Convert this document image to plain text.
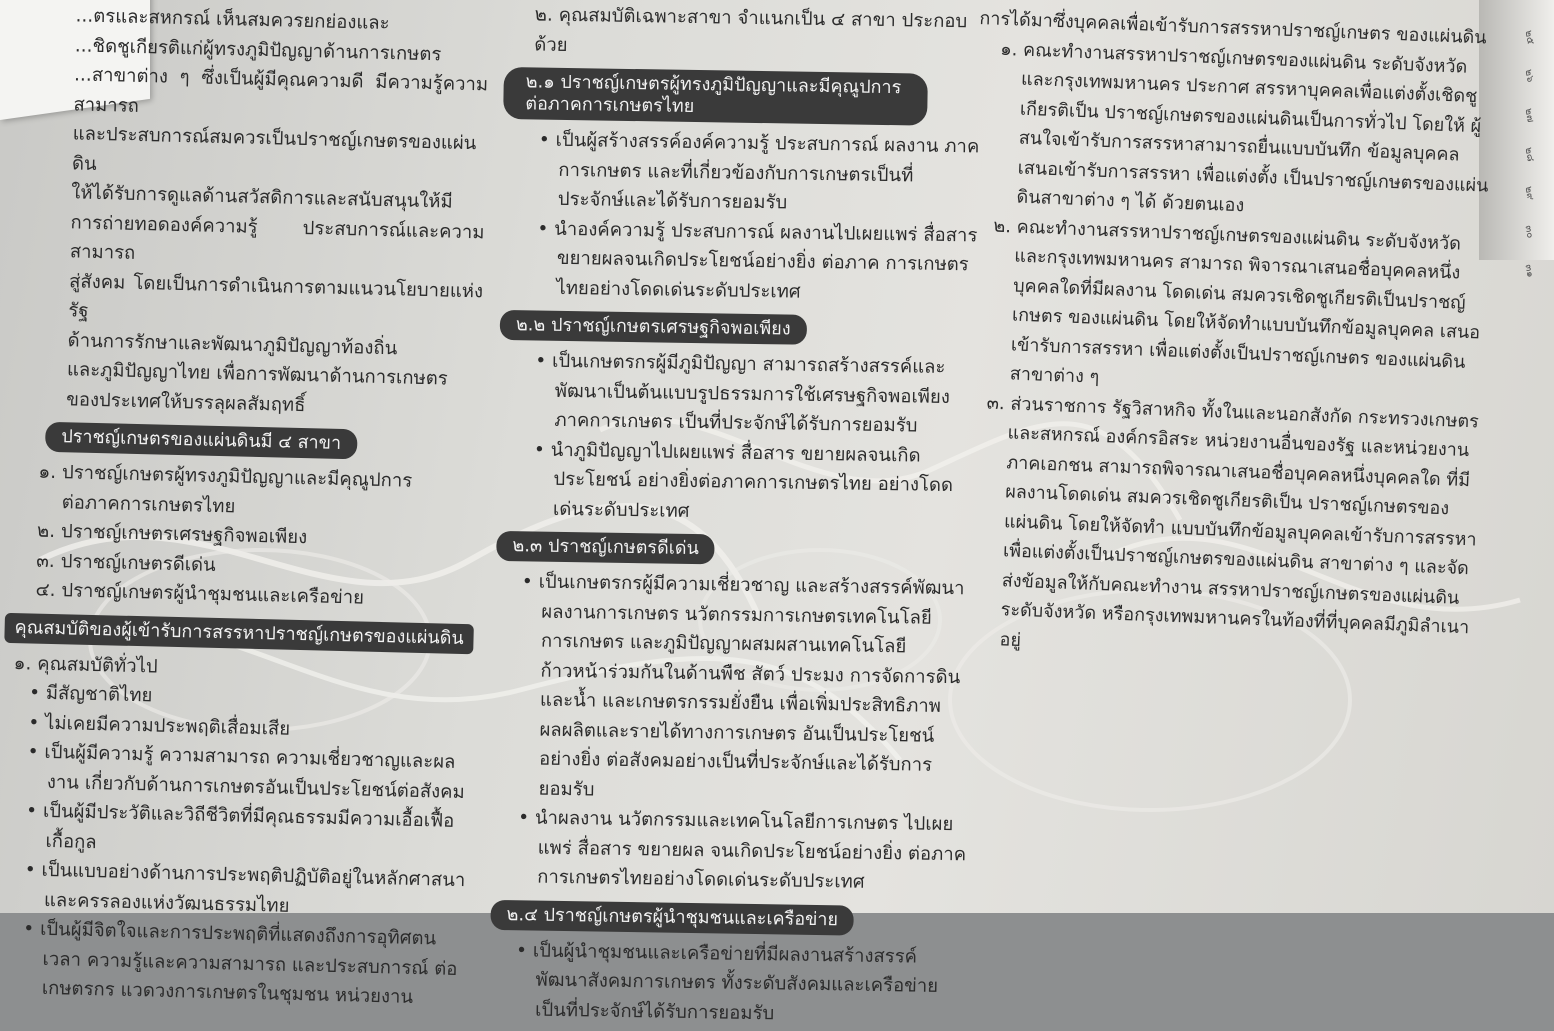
๒๕
๒๖
๒๗
๒๘
๒๙
๓๐
๓๑

...ตรและสหกรณ์ เห็นสมควรยกย่องและ

...ชิดชูเกียรติแก่ผู้ทรงภูมิปัญญาด้านการเกษตร

...สาขาต่าง ๆ ซึ่งเป็นผู้มีคุณความดี มีความรู้ความสามารถ

และประสบการณ์สมควรเป็นปราชญ์เกษตรของแผ่นดิน

ให้ได้รับการดูแลด้านสวัสดิการและสนับสนุนให้มี

การถ่ายทอดองค์ความรู้ ประสบการณ์และความสามารถ

สู่สังคม โดยเป็นการดำเนินการตามแนวนโยบายแห่งรัฐ

ด้านการรักษาและพัฒนาภูมิปัญญาท้องถิ่น

และภูมิปัญญาไทย เพื่อการพัฒนาด้านการเกษตร

ของประเทศให้บรรลุผลสัมฤทธิ์

ปราชญ์เกษตรของแผ่นดินมี ๔ สาขา

๑. ปราชญ์เกษตรผู้ทรงภูมิปัญญาและมีคุณูปการ

ต่อภาคการเกษตรไทย

๒. ปราชญ์เกษตรเศรษฐกิจพอเพียง

๓. ปราชญ์เกษตรดีเด่น

๔. ปราชญ์เกษตรผู้นำชุมชนและเครือข่าย

คุณสมบัติของผู้เข้ารับการสรรหาปราชญ์เกษตรของแผ่นดิน

๑. คุณสมบัติทั่วไป

• มีสัญชาติไทย

• ไม่เคยมีความประพฤติเสื่อมเสีย

• เป็นผู้มีความรู้ ความสามารถ ความเชี่ยวชาญและผลงาน เกี่ยวกับด้านการเกษตรอันเป็นประโยชน์ต่อสังคม

• เป็นผู้มีประวัติและวิถีชีวิตที่มีคุณธรรมมีความเอื้อเฟื้อ เกื้อกูล

• เป็นแบบอย่างด้านการประพฤติปฏิบัติอยู่ในหลักศาสนา และครรลองแห่งวัฒนธรรมไทย

• เป็นผู้มีจิตใจและการประพฤติที่แสดงถึงการอุทิศตน เวลา ความรู้และความสามารถ และประสบการณ์ ต่อเกษตรกร แวดวงการเกษตรในชุมชน หน่วยงาน

๒. คุณสมบัติเฉพาะสาขา จำแนกเป็น ๔ สาขา ประกอบด้วย

๒.๑ ปราชญ์เกษตรผู้ทรงภูมิปัญญาและมีคุณูปการ ต่อภาคการเกษตรไทย

• เป็นผู้สร้างสรรค์องค์ความรู้ ประสบการณ์ ผลงาน ภาคการเกษตร และที่เกี่ยวข้องกับการเกษตรเป็นที่ ประจักษ์และได้รับการยอมรับ

• นำองค์ความรู้ ประสบการณ์ ผลงานไปเผยแพร่ สื่อสาร ขยายผลจนเกิดประโยชน์อย่างยิ่ง ต่อภาค การเกษตรไทยอย่างโดดเด่นระดับประเทศ

๒.๒ ปราชญ์เกษตรเศรษฐกิจพอเพียง

• เป็นเกษตรกรผู้มีภูมิปัญญา สามารถสร้างสรรค์และ พัฒนาเป็นต้นแบบรูปธรรมการใช้เศรษฐกิจพอเพียง ภาคการเกษตร เป็นที่ประจักษ์ได้รับการยอมรับ

• นำภูมิปัญญาไปเผยแพร่ สื่อสาร ขยายผลจนเกิดประโยชน์ อย่างยิ่งต่อภาคการเกษตรไทย อย่างโดดเด่นระดับประเทศ

๒.๓ ปราชญ์เกษตรดีเด่น

• เป็นเกษตรกรผู้มีความเชี่ยวชาญ และสร้างสรรค์พัฒนา ผลงานการเกษตร นวัตกรรมการเกษตรเทคโนโลยี การเกษตร และภูมิปัญญาผสมผสานเทคโนโลยี ก้าวหน้าร่วมกันในด้านพืช สัตว์ ประมง การจัดการดิน และน้ำ และเกษตรกรรมยั่งยืน เพื่อเพิ่มประสิทธิภาพ ผลผลิตและรายได้ทางการเกษตร อันเป็นประโยชน์ อย่างยิ่ง ต่อสังคมอย่างเป็นที่ประจักษ์และได้รับการยอมรับ

• นำผลงาน นวัตกรรมและเทคโนโลยีการเกษตร ไปเผยแพร่ สื่อสาร ขยายผล จนเกิดประโยชน์อย่างยิ่ง ต่อภาคการเกษตรไทยอย่างโดดเด่นระดับประเทศ

๒.๔ ปราชญ์เกษตรผู้นำชุมชนและเครือข่าย

• เป็นผู้นำชุมชนและเครือข่ายที่มีผลงานสร้างสรรค์ พัฒนาสังคมการเกษตร ทั้งระดับสังคมและเครือข่าย เป็นที่ประจักษ์ได้รับการยอมรับ

การได้มาซึ่งบุคคลเพื่อเข้ารับการสรรหาปราชญ์เกษตร ของแผ่นดิน

๑. คณะทำงานสรรหาปราชญ์เกษตรของแผ่นดิน ระดับจังหวัดและกรุงเทพมหานคร ประกาศ สรรหาบุคคลเพื่อแต่งตั้งเชิดชูเกียรติเป็น ปราชญ์เกษตรของแผ่นดินเป็นการทั่วไป โดยให้ ผู้สนใจเข้ารับการสรรหาสามารถยื่นแบบบันทึก ข้อมูลบุคคลเสนอเข้ารับการสรรหา เพื่อแต่งตั้ง เป็นปราชญ์เกษตรของแผ่นดินสาขาต่าง ๆ ได้ ด้วยตนเอง

๒. คณะทำงานสรรหาปราชญ์เกษตรของแผ่นดิน ระดับจังหวัดและกรุงเทพมหานคร สามารถ พิจารณาเสนอชื่อบุคคลหนึ่งบุคคลใดที่มีผลงาน โดดเด่น สมควรเชิดชูเกียรติเป็นปราชญ์เกษตร ของแผ่นดิน โดยให้จัดทำแบบบันทึกข้อมูลบุคคล เสนอเข้ารับการสรรหา เพื่อแต่งตั้งเป็นปราชญ์เกษตร ของแผ่นดินสาขาต่าง ๆ

๓. ส่วนราชการ รัฐวิสาหกิจ ทั้งในและนอกสังกัด กระทรวงเกษตรและสหกรณ์ องค์กรอิสระ หน่วยงานอื่นของรัฐ และหน่วยงานภาคเอกชน สามารถพิจารณาเสนอชื่อบุคคลหนึ่งบุคคลใด ที่มีผลงานโดดเด่น สมควรเชิดชูเกียรติเป็น ปราชญ์เกษตรของแผ่นดิน โดยให้จัดทำ แบบบันทึกข้อมูลบุคคลเข้ารับการสรรหา เพื่อแต่งตั้งเป็นปราชญ์เกษตรของแผ่นดิน สาขาต่าง ๆ และจัดส่งข้อมูลให้กับคณะทำงาน สรรหาปราชญ์เกษตรของแผ่นดินระดับจังหวัด หรือกรุงเทพมหานครในท้องที่ที่บุคคลมีภูมิลำเนาอยู่
